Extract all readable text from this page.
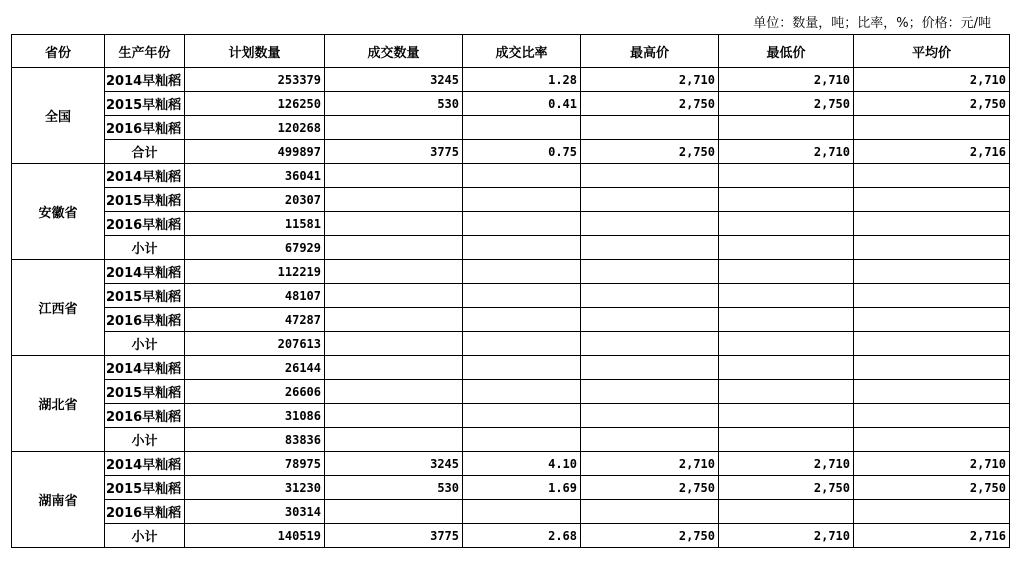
单位：数量，吨；比率，%；价格：元/吨
省份	生产年份	计划数量	成交数量	成交比率	最高价	最低价	平均价
全国	2014早籼稻	253379	3245	1.28	2,710	2,710	2,710
	2015早籼稻	126250	530	0.41	2,750	2,750	2,750
	2016早籼稻	120268					
	合计	499897	3775	0.75	2,750	2,710	2,716
安徽省	2014早籼稻	36041					
	2015早籼稻	20307					
	2016早籼稻	11581					
	小计	67929					
江西省	2014早籼稻	112219					
	2015早籼稻	48107					
	2016早籼稻	47287					
	小计	207613					
湖北省	2014早籼稻	26144					
	2015早籼稻	26606					
	2016早籼稻	31086					
	小计	83836					
湖南省	2014早籼稻	78975	3245	4.10	2,710	2,710	2,710
	2015早籼稻	31230	530	1.69	2,750	2,750	2,750
	2016早籼稻	30314					
	小计	140519	3775	2.68	2,750	2,710	2,716
